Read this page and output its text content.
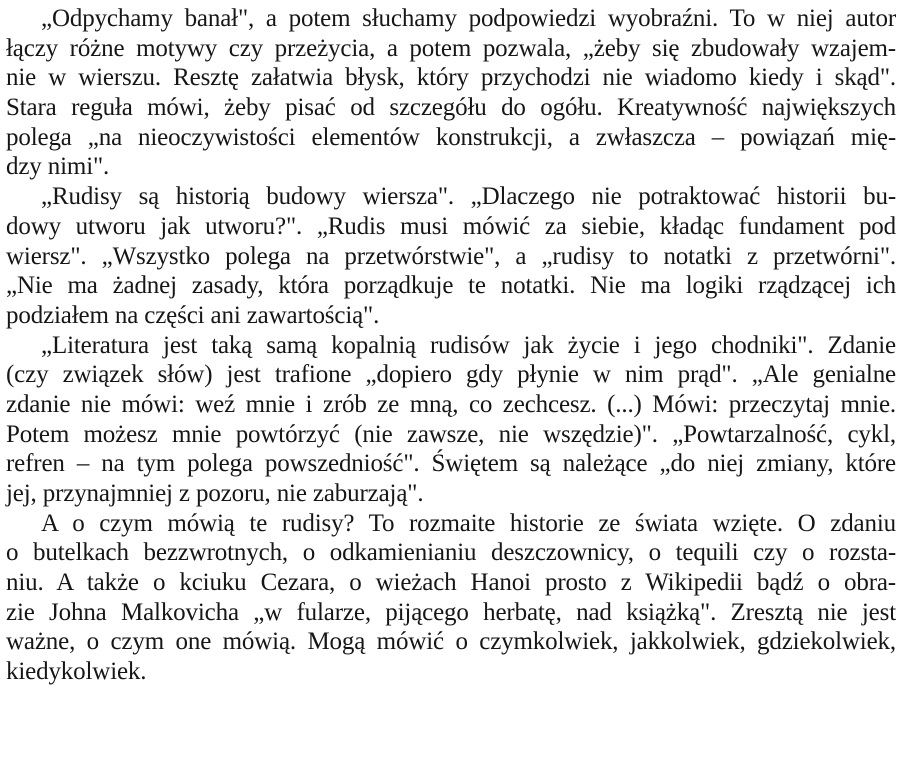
„Odpychamy banał", a potem słuchamy podpowiedzi wyobraźni. To w niej autor
łączy różne motywy czy przeżycia, a potem pozwala, „żeby się zbudowały wzajem-
nie w wierszu. Resztę załatwia błysk, który przychodzi nie wiadomo kiedy i skąd".
Stara reguła mówi, żeby pisać od szczegółu do ogółu. Kreatywność największych
polega „na nieoczywistości elementów konstrukcji, a zwłaszcza – powiązań mię-
dzy nimi".
„Rudisy są historią budowy wiersza". „Dlaczego nie potraktować historii bu-
dowy utworu jak utworu?". „Rudis musi mówić za siebie, kładąc fundament pod
wiersz". „Wszystko polega na przetwórstwie", a „rudisy to notatki z przetwórni".
„Nie ma żadnej zasady, która porządkuje te notatki. Nie ma logiki rządzącej ich
podziałem na części ani zawartością".
„Literatura jest taką samą kopalnią rudisów jak życie i jego chodniki". Zdanie
(czy związek słów) jest trafione „dopiero gdy płynie w nim prąd". „Ale genialne
zdanie nie mówi: weź mnie i zrób ze mną, co zechcesz. (...) Mówi: przeczytaj mnie.
Potem możesz mnie powtórzyć (nie zawsze, nie wszędzie)". „Powtarzalność, cykl,
refren – na tym polega powszedniość". Świętem są należące „do niej zmiany, które
jej, przynajmniej z pozoru, nie zaburzają".
A o czym mówią te rudisy? To rozmaite historie ze świata wzięte. O zdaniu
o butelkach bezzwrotnych, o odkamienianiu deszczownicy, o tequili czy o rozsta-
niu. A także o kciuku Cezara, o wieżach Hanoi prosto z Wikipedii bądź o obra-
zie Johna Malkovicha „w fularze, pijącego herbatę, nad książką". Zresztą nie jest
ważne, o czym one mówią. Mogą mówić o czymkolwiek, jakkolwiek, gdziekolwiek,
kiedykolwiek.
